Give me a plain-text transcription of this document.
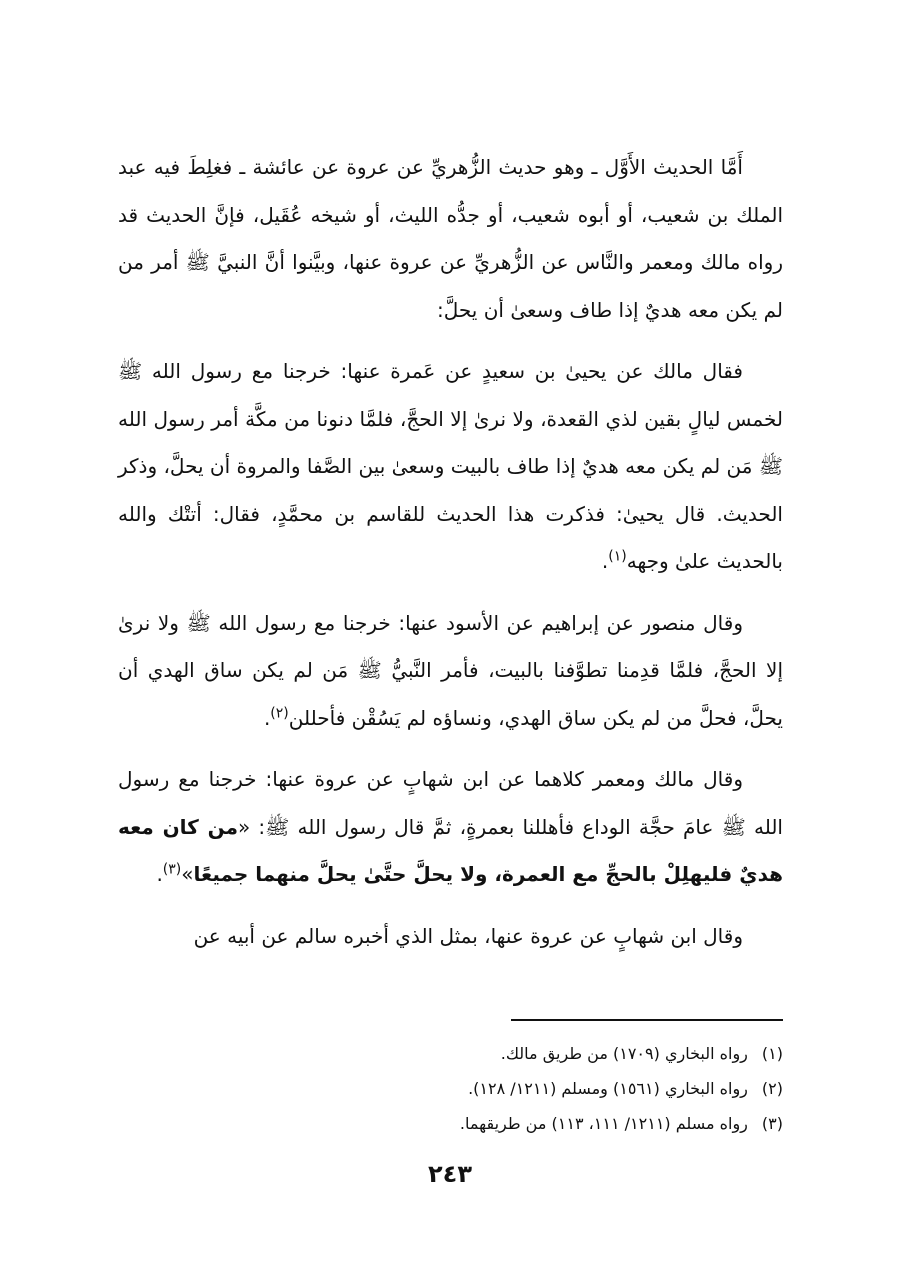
أَمَّا الحديث الأَوَّل ـ وهو حديث الزُّهريِّ عن عروة عن عائشة ـ فغلِطَ فيه عبد الملك بن شعيب، أو أبوه شعيب، أو جدُّه الليث، أو شيخه عُقَيل، فإنَّ الحديث قد رواه مالك ومعمر والنَّاس عن الزُّهريِّ عن عروة عنها، وبيَّنوا أنَّ النبيَّ ﷺ أمر من لم يكن معه هديٌ إذا طاف وسعىٰ أن يحلَّ:

فقال مالك عن يحيىٰ بن سعيدٍ عن عَمرة عنها: خرجنا مع رسول الله ﷺ لخمس ليالٍ بقين لذي القعدة، ولا نرىٰ إلا الحجَّ، فلمَّا دنونا من مكَّة أمر رسول الله ﷺ مَن لم يكن معه هديٌ إذا طاف بالبيت وسعىٰ بين الصَّفا والمروة أن يحلَّ، وذكر الحديث. قال يحيىٰ: فذكرت هذا الحديث للقاسم بن محمَّدٍ، فقال: أتتْك والله بالحديث علىٰ وجهه$^{(١)}$.

وقال منصور عن إبراهيم عن الأسود عنها: خرجنا مع رسول الله ﷺ ولا نرىٰ إلا الحجَّ، فلمَّا قدِمنا تطوَّفنا بالبيت، فأمر النَّبيُّ ﷺ مَن لم يكن ساق الهدي أن يحلَّ، فحلَّ من لم يكن ساق الهدي، ونساؤه لم يَسُقْن فأحللن$^{(٢)}$.

وقال مالك ومعمر كلاهما عن ابن شهابٍ عن عروة عنها: خرجنا مع رسول الله ﷺ عامَ حجَّة الوداع فأهللنا بعمرةٍ، ثمَّ قال رسول الله ﷺ: «من كان معه هديٌ فليهلِلْ بالحجِّ مع العمرة، ولا يحلَّ حتَّىٰ يحلَّ منهما جميعًا»$^{(٣)}$.

وقال ابن شهابٍ عن عروة عنها، بمثل الذي أخبره سالم عن أبيه عن

(١)رواه البخاري (١٧٠٩) من طريق مالك.

(٢)رواه البخاري (١٥٦١) ومسلم (١٢١١/ ١٢٨).

(٣)رواه مسلم (١٢١١/ ١١١، ١١٣) من طريقهما.

٢٤٣
